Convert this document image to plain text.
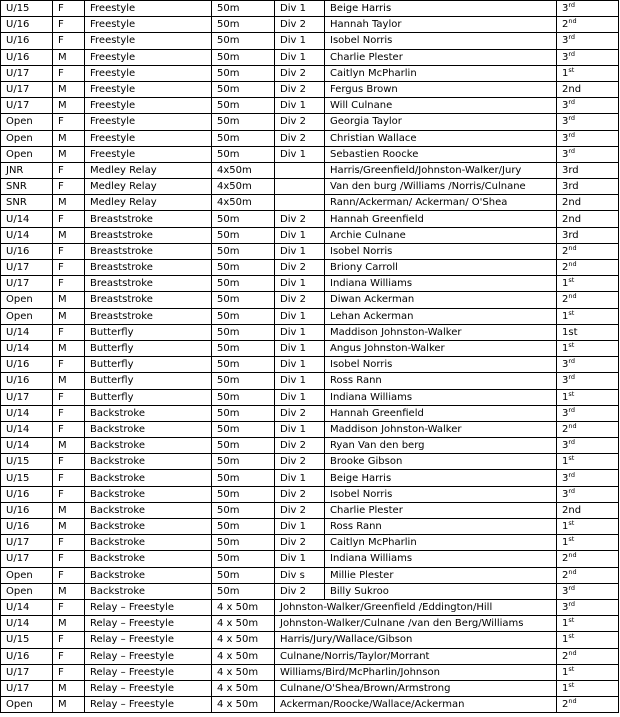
U/15	F	Freestyle	50m	Div 1	Beige Harris	3rd
U/16	F	Freestyle	50m	Div 2	Hannah Taylor	2nd
U/16	F	Freestyle	50m	Div 1	Isobel Norris	3rd
U/16	M	Freestyle	50m	Div 1	Charlie Plester	3rd
U/17	F	Freestyle	50m	Div 2	Caitlyn McPharlin	1st
U/17	M	Freestyle	50m	Div 2	Fergus Brown	2nd
U/17	M	Freestyle	50m	Div 1	Will Culnane	3rd
Open	F	Freestyle	50m	Div 2	Georgia Taylor	3rd
Open	M	Freestyle	50m	Div 2	Christian Wallace	3rd
Open	M	Freestyle	50m	Div 1	Sebastien Roocke	3rd
JNR	F	Medley Relay	4x50m		Harris/Greenfield/Johnston-Walker/Jury	3rd
SNR	F	Medley Relay	4x50m		Van den burg /Williams /Norris/Culnane	3rd
SNR	M	Medley Relay	4x50m		Rann/Ackerman/ Ackerman/ O'Shea	2nd
U/14	F	Breaststroke	50m	Div 2	Hannah Greenfield	2nd
U/14	M	Breaststroke	50m	Div 1	Archie Culnane	3rd
U/16	F	Breaststroke	50m	Div 1	Isobel Norris	2nd
U/17	F	Breaststroke	50m	Div 2	Briony Carroll	2nd
U/17	F	Breaststroke	50m	Div 1	Indiana Williams	1st
Open	M	Breaststroke	50m	Div 2	Diwan Ackerman	2nd
Open	M	Breaststroke	50m	Div 1	Lehan Ackerman	1st
U/14	F	Butterfly	50m	Div 1	Maddison Johnston-Walker	1st
U/14	M	Butterfly	50m	Div 1	Angus Johnston-Walker	1st
U/16	F	Butterfly	50m	Div 1	Isobel Norris	3rd
U/16	M	Butterfly	50m	Div 1	Ross Rann	3rd
U/17	F	Butterfly	50m	Div 1	Indiana Williams	1st
U/14	F	Backstroke	50m	Div 2	Hannah Greenfield	3rd
U/14	F	Backstroke	50m	Div 1	Maddison Johnston-Walker	2nd
U/14	M	Backstroke	50m	Div 2	Ryan Van den berg	3rd
U/15	F	Backstroke	50m	Div 2	Brooke Gibson	1st
U/15	F	Backstroke	50m	Div 1	Beige Harris	3rd
U/16	F	Backstroke	50m	Div 2	Isobel Norris	3rd
U/16	M	Backstroke	50m	Div 2	Charlie Plester	2nd
U/16	M	Backstroke	50m	Div 1	Ross Rann	1st
U/17	F	Backstroke	50m	Div 2	Caitlyn McPharlin	1st
U/17	F	Backstroke	50m	Div 1	Indiana Williams	2nd
Open	F	Backstroke	50m	Div s	Millie Plester	2nd
Open	M	Backstroke	50m	Div 2	Billy Sukroo	3rd
U/14	F	Relay – Freestyle	4 x 50m	Johnston-Walker/Greenfield /Eddington/Hill		3rd
U/14	M	Relay – Freestyle	4 x 50m	Johnston-Walker/Culnane /van den Berg/Williams		1st
U/15	F	Relay – Freestyle	4 x 50m	Harris/Jury/Wallace/Gibson		1st
U/16	F	Relay – Freestyle	4 x 50m	Culnane/Norris/Taylor/Morrant		2nd
U/17	F	Relay – Freestyle	4 x 50m	Williams/Bird/McPharlin/Johnson		1st
U/17	M	Relay – Freestyle	4 x 50m	Culnane/O'Shea/Brown/Armstrong		1st
Open	M	Relay – Freestyle	4 x 50m	Ackerman/Roocke/Wallace/Ackerman		2nd
